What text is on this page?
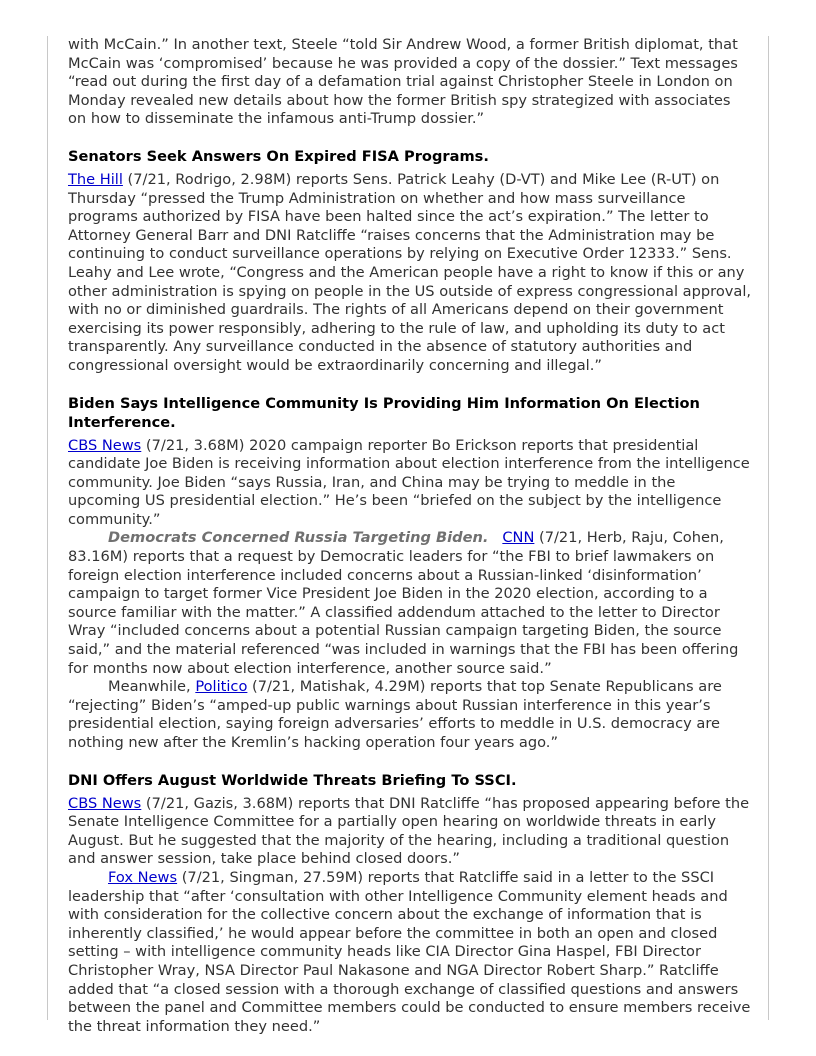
with McCain.” In another text, Steele “told Sir Andrew Wood, a former British diplomat, that McCain was ‘compromised’ because he was provided a copy of the dossier.” Text messages “read out during the first day of a defamation trial against Christopher Steele in London on Monday revealed new details about how the former British spy strategized with associates on how to disseminate the infamous anti-Trump dossier.”

Senators Seek Answers On Expired FISA Programs.

The Hill (7/21, Rodrigo, 2.98M) reports Sens. Patrick Leahy (D-VT) and Mike Lee (R-UT) on Thursday “pressed the Trump Administration on whether and how mass surveillance programs authorized by FISA have been halted since the act’s expiration.” The letter to Attorney General Barr and DNI Ratcliffe “raises concerns that the Administration may be continuing to conduct surveillance operations by relying on Executive Order 12333.” Sens. Leahy and Lee wrote, “Congress and the American people have a right to know if this or any other administration is spying on people in the US outside of express congressional approval, with no or diminished guardrails. The rights of all Americans depend on their government exercising its power responsibly, adhering to the rule of law, and upholding its duty to act transparently. Any surveillance conducted in the absence of statutory authorities and congressional oversight would be extraordinarily concerning and illegal.”

Biden Says Intelligence Community Is Providing Him Information On Election Interference.

CBS News (7/21, 3.68M) 2020 campaign reporter Bo Erickson reports that presidential candidate Joe Biden is receiving information about election interference from the intelligence community. Joe Biden “says Russia, Iran, and China may be trying to meddle in the upcoming US presidential election.” He’s been “briefed on the subject by the intelligence community.”

Democrats Concerned Russia Targeting Biden. CNN (7/21, Herb, Raju, Cohen, 83.16M) reports that a request by Democratic leaders for “the FBI to brief lawmakers on foreign election interference included concerns about a Russian-linked ‘disinformation’ campaign to target former Vice President Joe Biden in the 2020 election, according to a source familiar with the matter.” A classified addendum attached to the letter to Director Wray “included concerns about a potential Russian campaign targeting Biden, the source said,” and the material referenced “was included in warnings that the FBI has been offering for months now about election interference, another source said.”

Meanwhile, Politico (7/21, Matishak, 4.29M) reports that top Senate Republicans are “rejecting” Biden’s “amped-up public warnings about Russian interference in this year’s presidential election, saying foreign adversaries’ efforts to meddle in U.S. democracy are nothing new after the Kremlin’s hacking operation four years ago.”

DNI Offers August Worldwide Threats Briefing To SSCI.

CBS News (7/21, Gazis, 3.68M) reports that DNI Ratcliffe “has proposed appearing before the Senate Intelligence Committee for a partially open hearing on worldwide threats in early August. But he suggested that the majority of the hearing, including a traditional question and answer session, take place behind closed doors.”

Fox News (7/21, Singman, 27.59M) reports that Ratcliffe said in a letter to the SSCI leadership that “after ‘consultation with other Intelligence Community element heads and with consideration for the collective concern about the exchange of information that is inherently classified,’ he would appear before the committee in both an open and closed setting – with intelligence community heads like CIA Director Gina Haspel, FBI Director Christopher Wray, NSA Director Paul Nakasone and NGA Director Robert Sharp.” Ratcliffe added that “a closed session with a thorough exchange of classified questions and answers between the panel and Committee members could be conducted to ensure members receive the threat information they need.”
